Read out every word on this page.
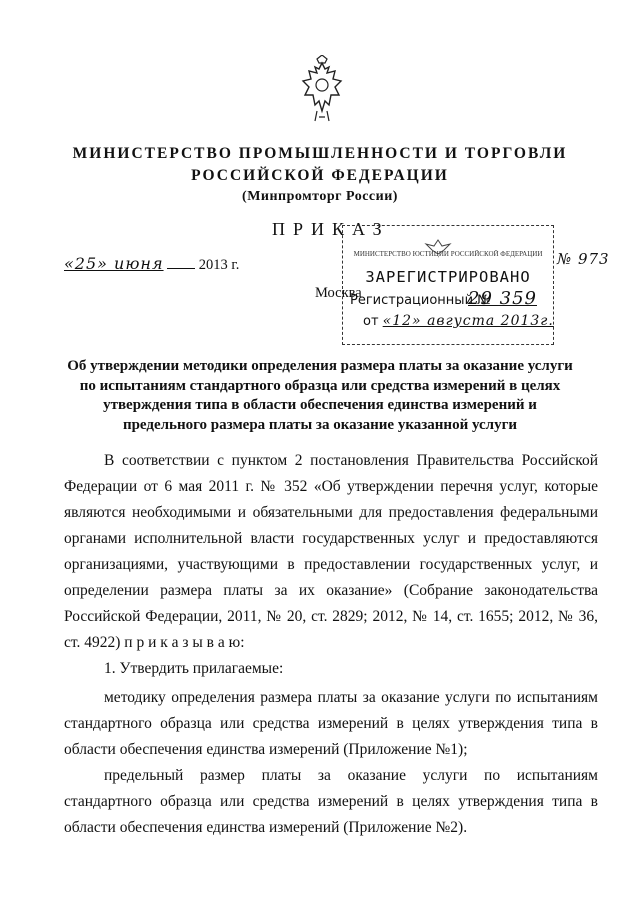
МИНИСТЕРСТВО ПРОМЫШЛЕННОСТИ И ТОРГОВЛИ
РОССИЙСКОЙ ФЕДЕРАЦИИ
(Минпромторг России)
ПРИКАЗ
«25» июня 2013 г.
Москва
МИНИСТЕРСТВО ЮСТИЦИИ РОССИЙСКОЙ ФЕДЕРАЦИИ
ЗАРЕГИСТРИРОВАНО
Регистрационный №
29 359
от «12» августа 2013г.
№ 973
Об утверждении методики определения размера платы за оказание услуги по испытаниям стандартного образца или средства измерений в целях утверждения типа в области обеспечения единства измерений и предельного размера платы за оказание указанной услуги
В соответствии с пунктом 2 постановления Правительства Российской Федерации от 6 мая 2011 г. № 352 «Об утверждении перечня услуг, которые являются необходимыми и обязательными для предоставления федеральными органами исполнительной власти государственных услуг и предоставляются организациями, участвующими в предоставлении государственных услуг, и определении размера платы за их оказание» (Собрание законодательства Российской Федерации, 2011, № 20, ст. 2829; 2012, № 14, ст. 1655; 2012, № 36, ст. 4922) п р и к а з ы в а ю:
1. Утвердить прилагаемые:
методику определения размера платы за оказание услуги по испытаниям стандартного образца или средства измерений в целях утверждения типа в области обеспечения единства измерений (Приложение №1);
предельный размер платы за оказание услуги по испытаниям стандартного образца или средства измерений в целях утверждения типа в области обеспечения единства измерений (Приложение №2).
